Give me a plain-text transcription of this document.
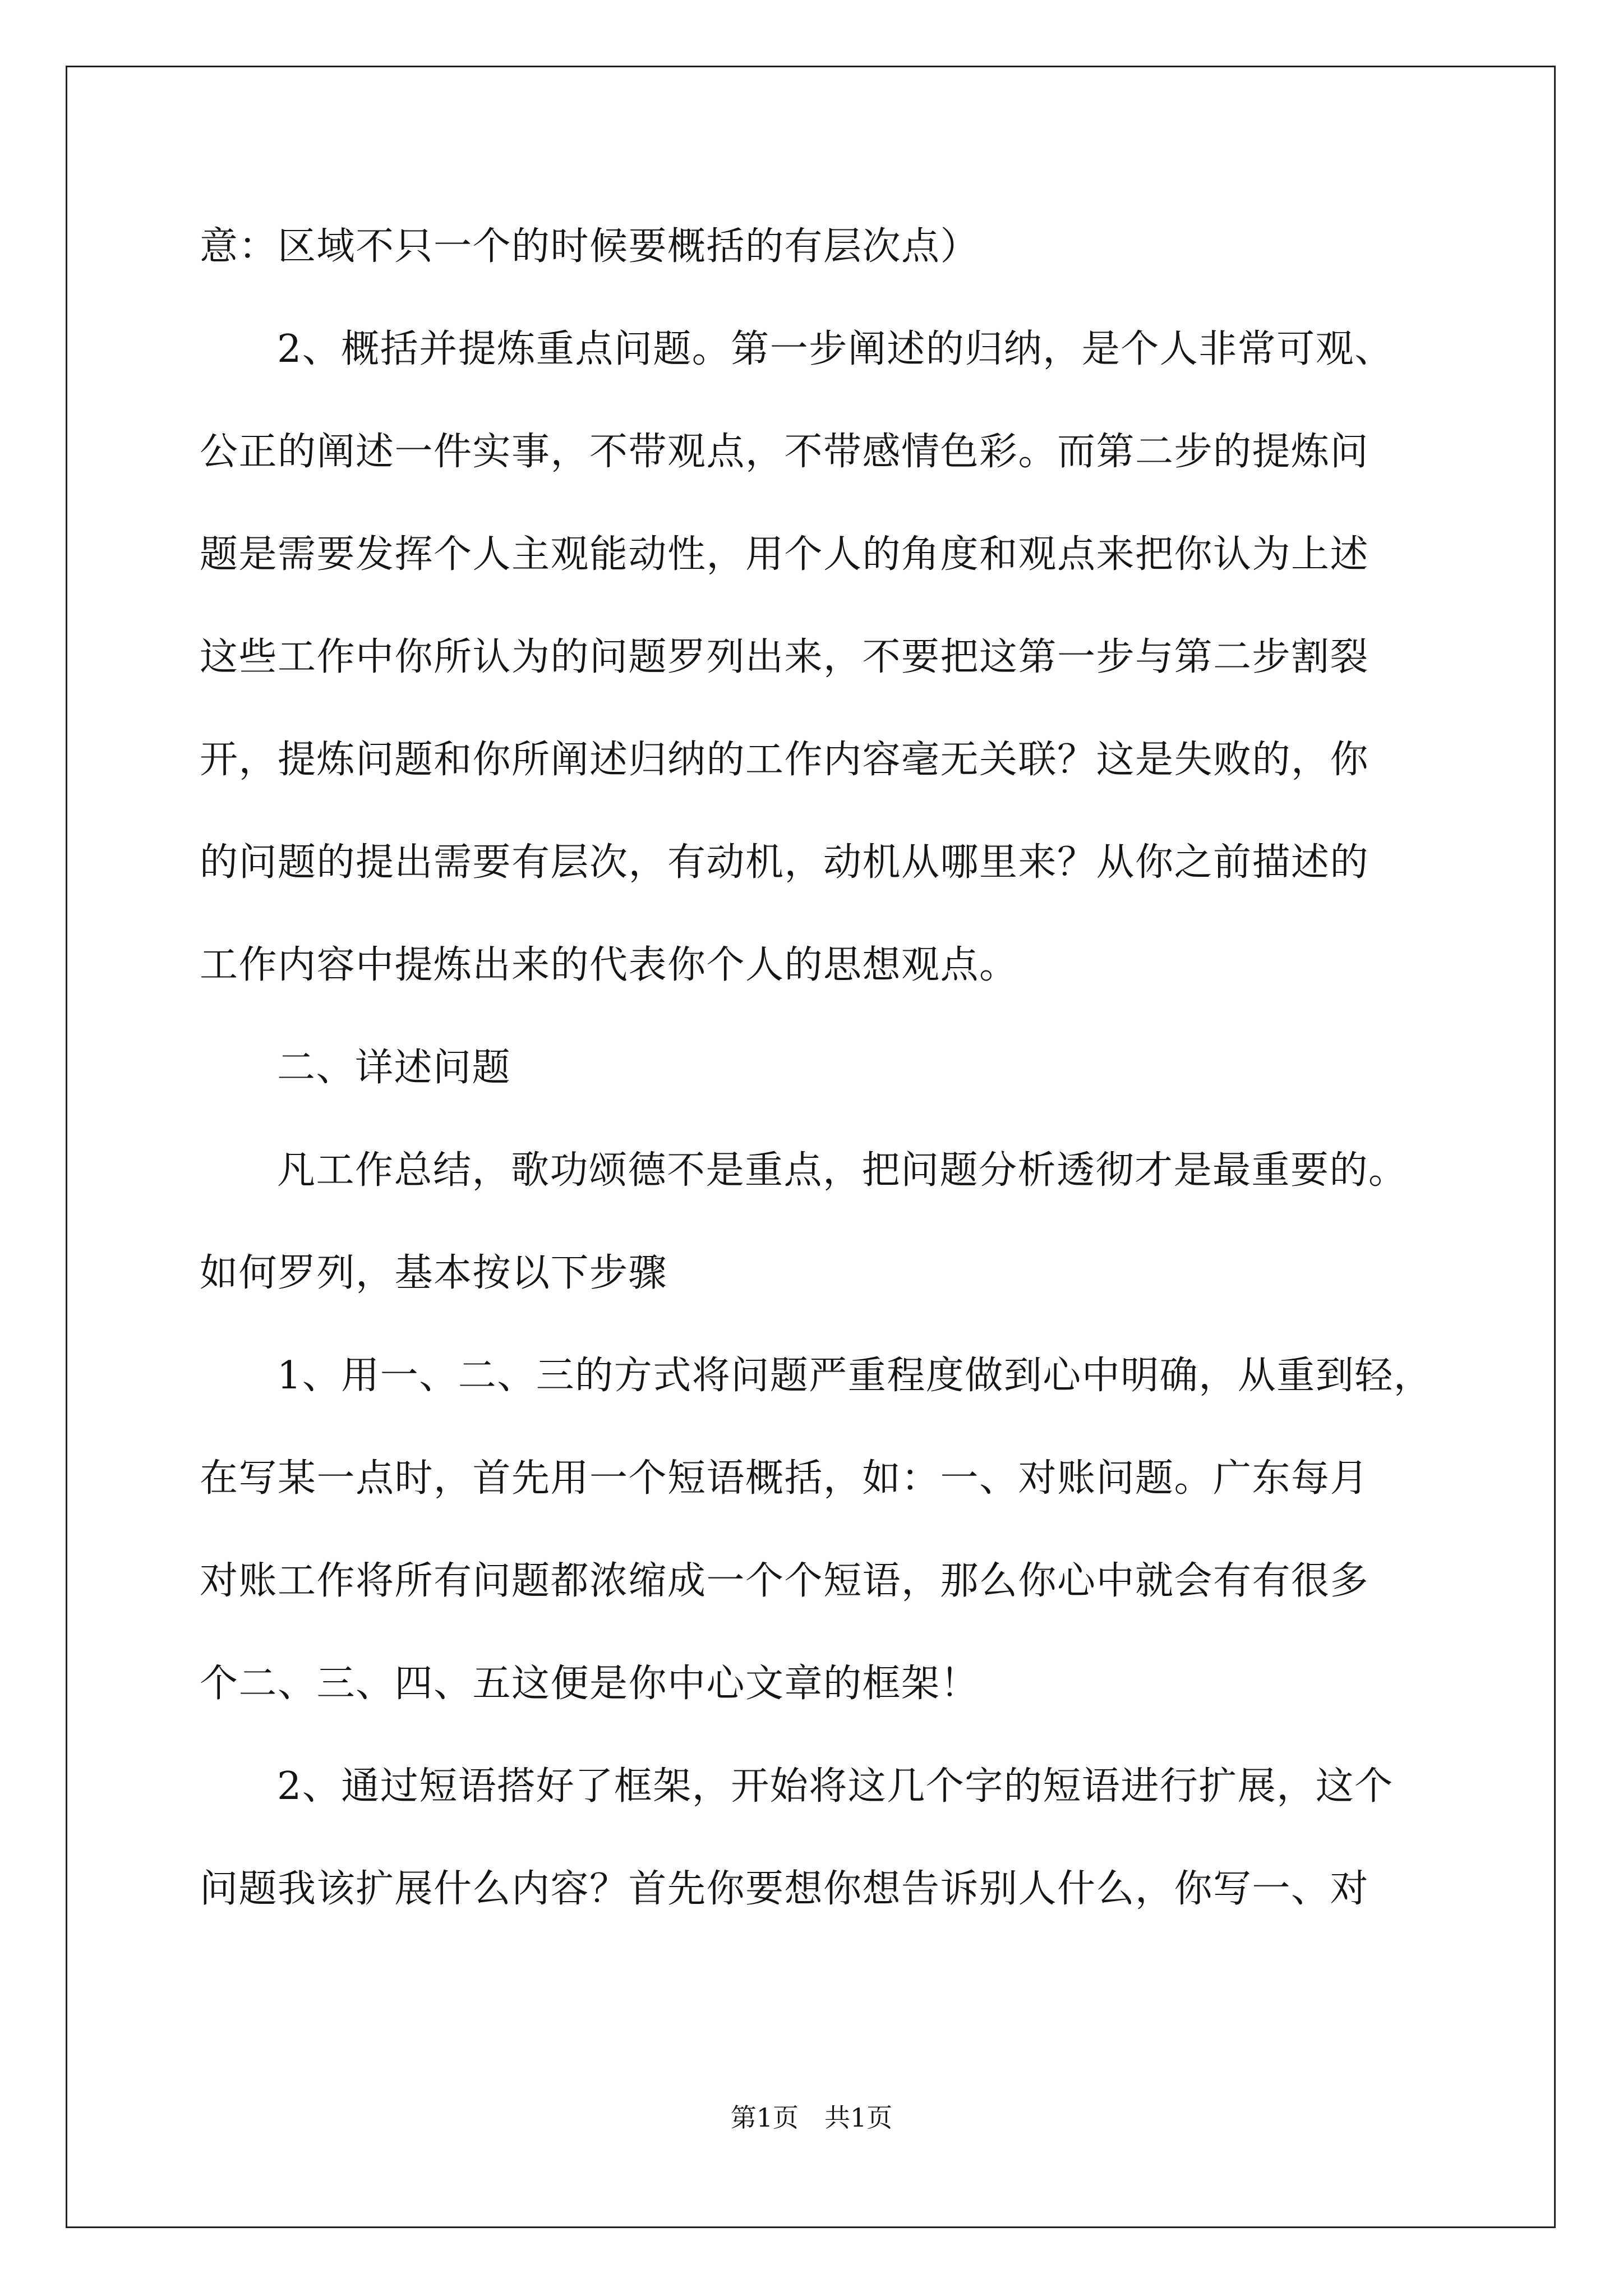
意：区域不只一个的时候要概括的有层次点）
2、概括并提炼重点问题。第一步阐述的归纳，是个人非常可观、
公正的阐述一件实事，不带观点，不带感情色彩。而第二步的提炼问
题是需要发挥个人主观能动性，用个人的角度和观点来把你认为上述
这些工作中你所认为的问题罗列出来，不要把这第一步与第二步割裂
开，提炼问题和你所阐述归纳的工作内容毫无关联？这是失败的，你
的问题的提出需要有层次，有动机，动机从哪里来？从你之前描述的
工作内容中提炼出来的代表你个人的思想观点。
二、详述问题
凡工作总结，歌功颂德不是重点，把问题分析透彻才是最重要的。
如何罗列，基本按以下步骤
1、用一、二、三的方式将问题严重程度做到心中明确，从重到轻，
在写某一点时，首先用一个短语概括，如：一、对账问题。广东每月
对账工作将所有问题都浓缩成一个个短语，那么你心中就会有有很多
个二、三、四、五这便是你中心文章的框架！
2、通过短语搭好了框架，开始将这几个字的短语进行扩展，这个
问题我该扩展什么内容？首先你要想你想告诉别人什么，你写一、对
第1页　共1页
